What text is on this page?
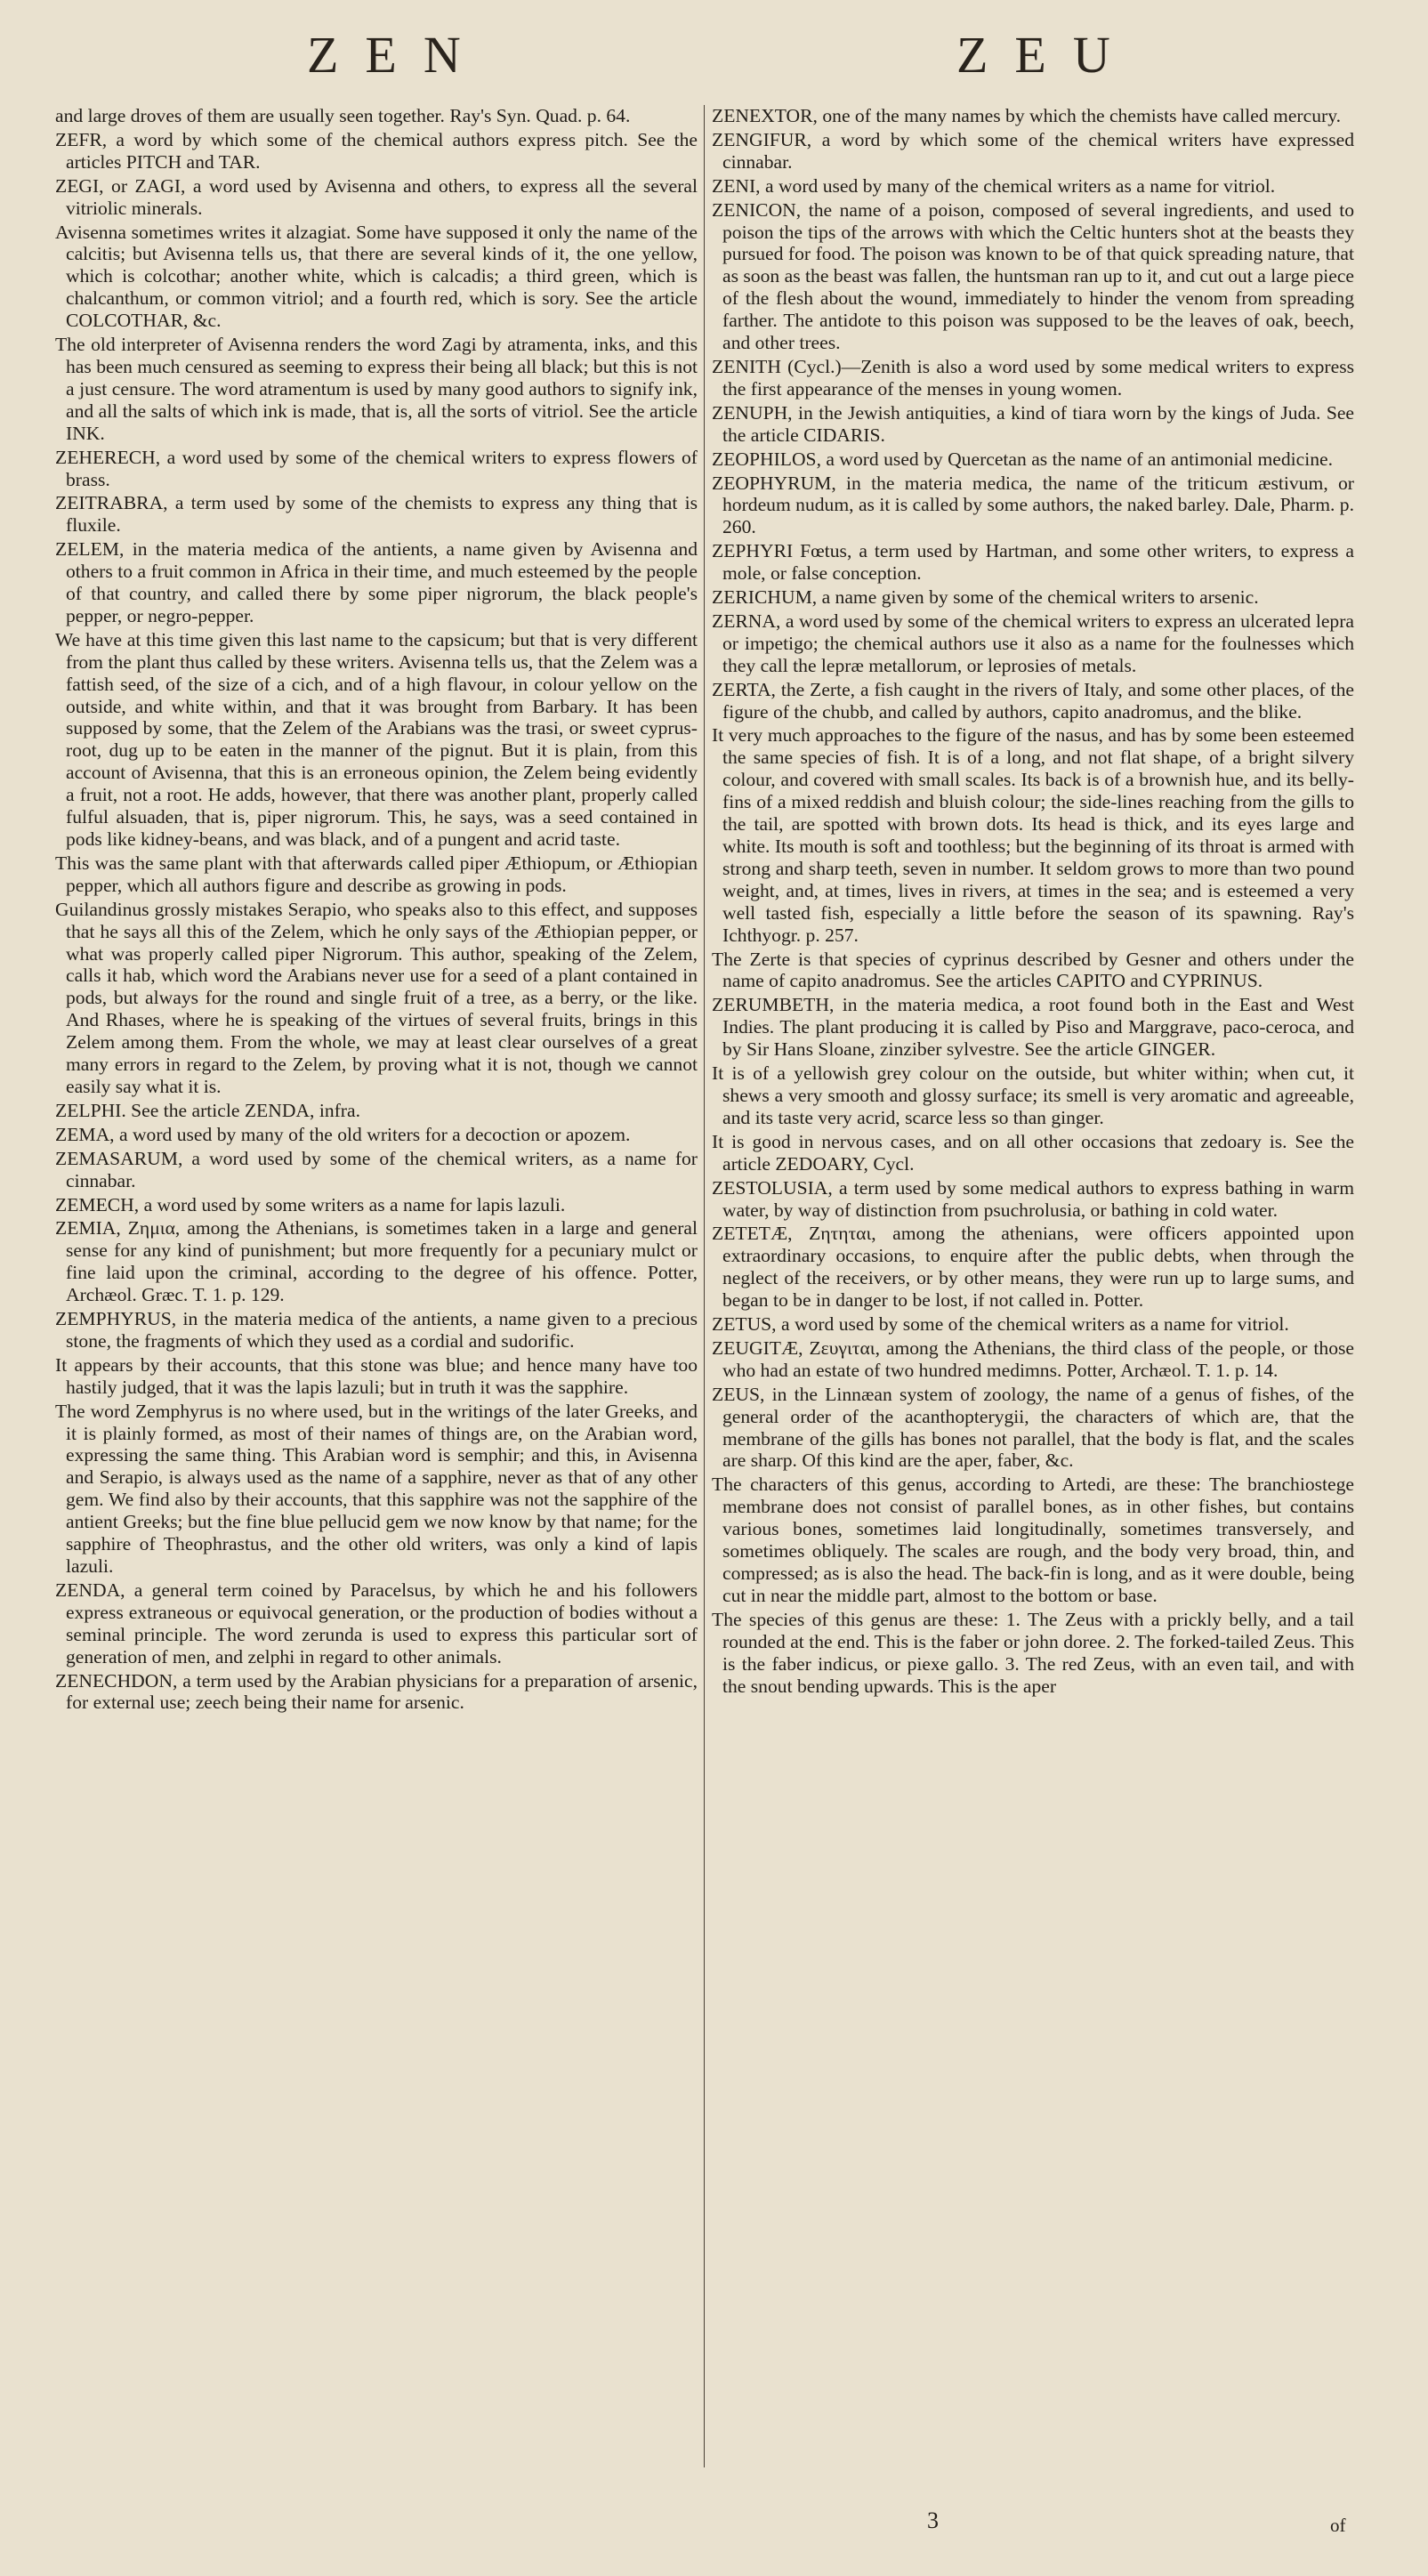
ZEN	ZEU

and large droves of them are usually seen together. Ray's Syn. Quad. p. 64.

ZEFR, a word by which some of the chemical authors express pitch. See the articles PITCH and TAR.

ZEGI, or ZAGI, a word used by Avisenna and others, to express all the several vitriolic minerals.

Avisenna sometimes writes it alzagiat. Some have supposed it only the name of the calcitis; but Avisenna tells us, that there are several kinds of it, the one yellow, which is colcothar; another white, which is calcadis; a third green, which is chalcanthum, or common vitriol; and a fourth red, which is sory. See the article COLCOTHAR, &c.

The old interpreter of Avisenna renders the word Zagi by atramenta, inks, and this has been much censured as seeming to express their being all black; but this is not a just censure. The word atramentum is used by many good authors to signify ink, and all the salts of which ink is made, that is, all the sorts of vitriol. See the article INK.

ZEHERECH, a word used by some of the chemical writers to express flowers of brass.

ZEITRABRA, a term used by some of the chemists to express any thing that is fluxile.

ZELEM, in the materia medica of the antients, a name given by Avisenna and others to a fruit common in Africa in their time, and much esteemed by the people of that country, and called there by some piper nigrorum, the black people's pepper, or negro-pepper.

We have at this time given this last name to the capsicum; but that is very different from the plant thus called by these writers. Avisenna tells us, that the Zelem was a fattish seed, of the size of a cich, and of a high flavour, in colour yellow on the outside, and white within, and that it was brought from Barbary. It has been supposed by some, that the Zelem of the Arabians was the trasi, or sweet cyprus-root, dug up to be eaten in the manner of the pignut. But it is plain, from this account of Avisenna, that this is an erroneous opinion, the Zelem being evidently a fruit, not a root. He adds, however, that there was another plant, properly called fulful alsuaden, that is, piper nigrorum. This, he says, was a seed contained in pods like kidney-beans, and was black, and of a pungent and acrid taste.

This was the same plant with that afterwards called piper Æthiopum, or Æthiopian pepper, which all authors figure and describe as growing in pods.

Guilandinus grossly mistakes Serapio, who speaks also to this effect, and supposes that he says all this of the Zelem, which he only says of the Æthiopian pepper, or what was properly called piper Nigrorum. This author, speaking of the Zelem, calls it hab, which word the Arabians never use for a seed of a plant contained in pods, but always for the round and single fruit of a tree, as a berry, or the like. And Rhases, where he is speaking of the virtues of several fruits, brings in this Zelem among them. From the whole, we may at least clear ourselves of a great many errors in regard to the Zelem, by proving what it is not, though we cannot easily say what it is.

ZELPHI. See the article ZENDA, infra.

ZEMA, a word used by many of the old writers for a decoction or apozem.

ZEMASARUM, a word used by some of the chemical writers, as a name for cinnabar.

ZEMECH, a word used by some writers as a name for lapis lazuli.

ZEMIA, Ζημια, among the Athenians, is sometimes taken in a large and general sense for any kind of punishment; but more frequently for a pecuniary mulct or fine laid upon the criminal, according to the degree of his offence. Potter, Archæol. Græc. T. 1. p. 129.

ZEMPHYRUS, in the materia medica of the antients, a name given to a precious stone, the fragments of which they used as a cordial and sudorific.

It appears by their accounts, that this stone was blue; and hence many have too hastily judged, that it was the lapis lazuli; but in truth it was the sapphire.

The word Zemphyrus is no where used, but in the writings of the later Greeks, and it is plainly formed, as most of their names of things are, on the Arabian word, expressing the same thing. This Arabian word is semphir; and this, in Avisenna and Serapio, is always used as the name of a sapphire, never as that of any other gem. We find also by their accounts, that this sapphire was not the sapphire of the antient Greeks; but the fine blue pellucid gem we now know by that name; for the sapphire of Theophrastus, and the other old writers, was only a kind of lapis lazuli.

ZENDA, a general term coined by Paracelsus, by which he and his followers express extraneous or equivocal generation, or the production of bodies without a seminal principle. The word zerunda is used to express this particular sort of generation of men, and zelphi in regard to other animals.

ZENECHDON, a term used by the Arabian physicians for a preparation of arsenic, for external use; zeech being their name for arsenic.

ZENEXTOR, one of the many names by which the chemists have called mercury.

ZENGIFUR, a word by which some of the chemical writers have expressed cinnabar.

ZENI, a word used by many of the chemical writers as a name for vitriol.

ZENICON, the name of a poison, composed of several ingredients, and used to poison the tips of the arrows with which the Celtic hunters shot at the beasts they pursued for food. The poison was known to be of that quick spreading nature, that as soon as the beast was fallen, the huntsman ran up to it, and cut out a large piece of the flesh about the wound, immediately to hinder the venom from spreading farther. The antidote to this poison was supposed to be the leaves of oak, beech, and other trees.

ZENITH (Cycl.)—Zenith is also a word used by some medical writers to express the first appearance of the menses in young women.

ZENUPH, in the Jewish antiquities, a kind of tiara worn by the kings of Juda. See the article CIDARIS.

ZEOPHILOS, a word used by Quercetan as the name of an antimonial medicine.

ZEOPHYRUM, in the materia medica, the name of the triticum æstivum, or hordeum nudum, as it is called by some authors, the naked barley. Dale, Pharm. p. 260.

ZEPHYRI Fœtus, a term used by Hartman, and some other writers, to express a mole, or false conception.

ZERICHUM, a name given by some of the chemical writers to arsenic.

ZERNA, a word used by some of the chemical writers to express an ulcerated lepra or impetigo; the chemical authors use it also as a name for the foulnesses which they call the lepræ metallorum, or leprosies of metals.

ZERTA, the Zerte, a fish caught in the rivers of Italy, and some other places, of the figure of the chubb, and called by authors, capito anadromus, and the blike.

It very much approaches to the figure of the nasus, and has by some been esteemed the same species of fish. It is of a long, and not flat shape, of a bright silvery colour, and covered with small scales. Its back is of a brownish hue, and its belly-fins of a mixed reddish and bluish colour; the side-lines reaching from the gills to the tail, are spotted with brown dots. Its head is thick, and its eyes large and white. Its mouth is soft and toothless; but the beginning of its throat is armed with strong and sharp teeth, seven in number. It seldom grows to more than two pound weight, and, at times, lives in rivers, at times in the sea; and is esteemed a very well tasted fish, especially a little before the season of its spawning. Ray's Ichthyogr. p. 257.

The Zerte is that species of cyprinus described by Gesner and others under the name of capito anadromus. See the articles CAPITO and CYPRINUS.

ZERUMBETH, in the materia medica, a root found both in the East and West Indies. The plant producing it is called by Piso and Marggrave, paco-ceroca, and by Sir Hans Sloane, zinziber sylvestre. See the article GINGER.

It is of a yellowish grey colour on the outside, but whiter within; when cut, it shews a very smooth and glossy surface; its smell is very aromatic and agreeable, and its taste very acrid, scarce less so than ginger.

It is good in nervous cases, and on all other occasions that zedoary is. See the article ZEDOARY, Cycl.

ZESTOLUSIA, a term used by some medical authors to express bathing in warm water, by way of distinction from psuchrolusia, or bathing in cold water.

ZETETÆ, Ζητηται, among the athenians, were officers appointed upon extraordinary occasions, to enquire after the public debts, when through the neglect of the receivers, or by other means, they were run up to large sums, and began to be in danger to be lost, if not called in. Potter.

ZETUS, a word used by some of the chemical writers as a name for vitriol.

ZEUGITÆ, Ζευγιται, among the Athenians, the third class of the people, or those who had an estate of two hundred medimns. Potter, Archæol. T. 1. p. 14.

ZEUS, in the Linnæan system of zoology, the name of a genus of fishes, of the general order of the acanthopterygii, the characters of which are, that the membrane of the gills has bones not parallel, that the body is flat, and the scales are sharp. Of this kind are the aper, faber, &c.

The characters of this genus, according to Artedi, are these: The branchiostege membrane does not consist of parallel bones, as in other fishes, but contains various bones, sometimes laid longitudinally, sometimes transversely, and sometimes obliquely. The scales are rough, and the body very broad, thin, and compressed; as is also the head. The back-fin is long, and as it were double, being cut in near the middle part, almost to the bottom or base.

The species of this genus are these: 1. The Zeus with a prickly belly, and a tail rounded at the end. This is the faber or john doree. 2. The forked-tailed Zeus. This is the faber indicus, or piexe gallo. 3. The red Zeus, with an even tail, and with the snout bending upwards. This is the aper

3	of
